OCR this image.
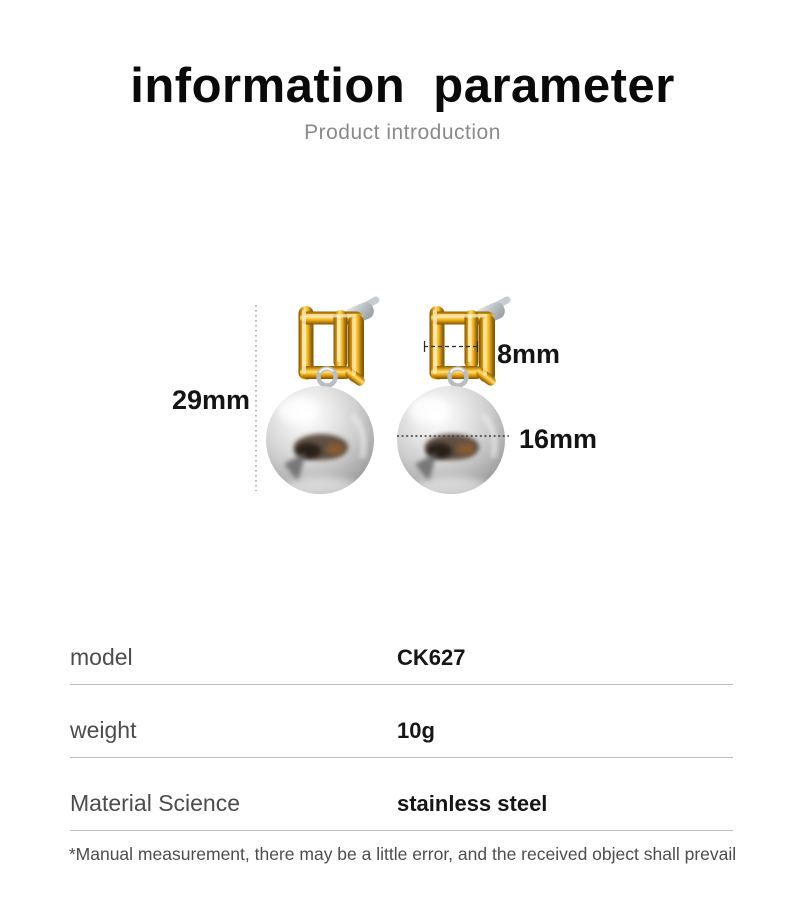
information parameter
Product introduction
29mm
8mm
16mm
model	CK627
weight	10g
Material Science	stainless steel
*Manual measurement, there may be a little error, and the received object shall prevail
